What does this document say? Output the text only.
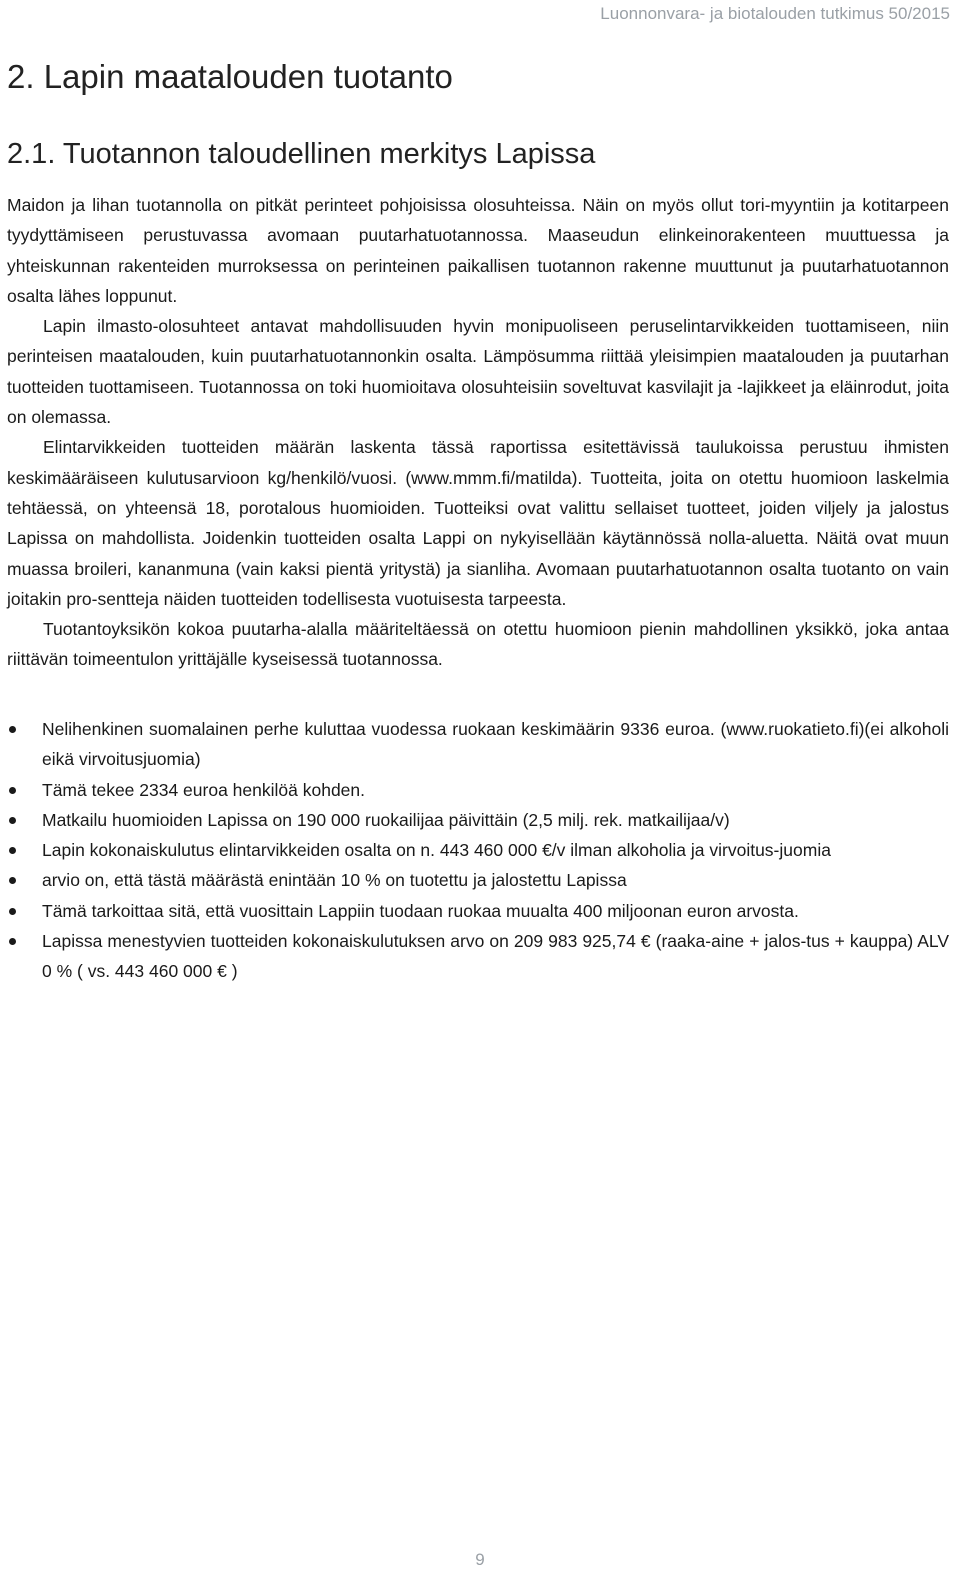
Luonnonvara- ja biotalouden tutkimus 50/2015
2. Lapin maatalouden tuotanto
2.1. Tuotannon taloudellinen merkitys Lapissa

Maidon ja lihan tuotannolla on pitkät perinteet pohjoisissa olosuhteissa. Näin on myös ollut tori-myyntiin ja kotitarpeen tyydyttämiseen perustuvassa avomaan puutarhatuotannossa. Maaseudun elinkeinorakenteen muuttuessa ja yhteiskunnan rakenteiden murroksessa on perinteinen paikallisen tuotannon rakenne muuttunut ja puutarhatuotannon osalta lähes loppunut.

Lapin ilmasto-olosuhteet antavat mahdollisuuden hyvin monipuoliseen peruselintarvikkeiden tuottamiseen, niin perinteisen maatalouden, kuin puutarhatuotannonkin osalta. Lämpösumma riittää yleisimpien maatalouden ja puutarhan tuotteiden tuottamiseen. Tuotannossa on toki huomioitava olosuhteisiin soveltuvat kasvilajit ja -lajikkeet ja eläinrodut, joita on olemassa.

Elintarvikkeiden tuotteiden määrän laskenta tässä raportissa esitettävissä taulukoissa perustuu ihmisten keskimääräiseen kulutusarvioon kg/henkilö/vuosi. (www.mmm.fi/matilda). Tuotteita, joita on otettu huomioon laskelmia tehtäessä, on yhteensä 18, porotalous huomioiden. Tuotteiksi ovat valittu sellaiset tuotteet, joiden viljely ja jalostus Lapissa on mahdollista. Joidenkin tuotteiden osalta Lappi on nykyisellään käytännössä nolla-aluetta. Näitä ovat muun muassa broileri, kananmuna (vain kaksi pientä yritystä) ja sianliha. Avomaan puutarhatuotannon osalta tuotanto on vain joitakin pro-sentteja näiden tuotteiden todellisesta vuotuisesta tarpeesta.

Tuotantoyksikön kokoa puutarha-alalla määriteltäessä on otettu huomioon pienin mahdollinen yksikkö, joka antaa riittävän toimeentulon yrittäjälle kyseisessä tuotannossa.

Nelihenkinen suomalainen perhe kuluttaa vuodessa ruokaan keskimäärin 9336 euroa. (www.ruokatieto.fi)(ei alkoholi eikä virvoitusjuomia)
Tämä tekee 2334 euroa henkilöä kohden.
Matkailu huomioiden Lapissa on 190 000 ruokailijaa päivittäin (2,5 milj. rek. matkailijaa/v)
Lapin kokonaiskulutus elintarvikkeiden osalta on n. 443 460 000 €/v ilman alkoholia ja virvoitus-juomia
arvio on, että tästä määrästä enintään 10 % on tuotettu ja jalostettu Lapissa
Tämä tarkoittaa sitä, että vuosittain Lappiin tuodaan ruokaa muualta 400 miljoonan euron arvosta.
Lapissa menestyvien tuotteiden kokonaiskulutuksen arvo on 209 983 925,74 € (raaka-aine + jalos-tus + kauppa) ALV 0 % ( vs. 443 460 000 € )
9
